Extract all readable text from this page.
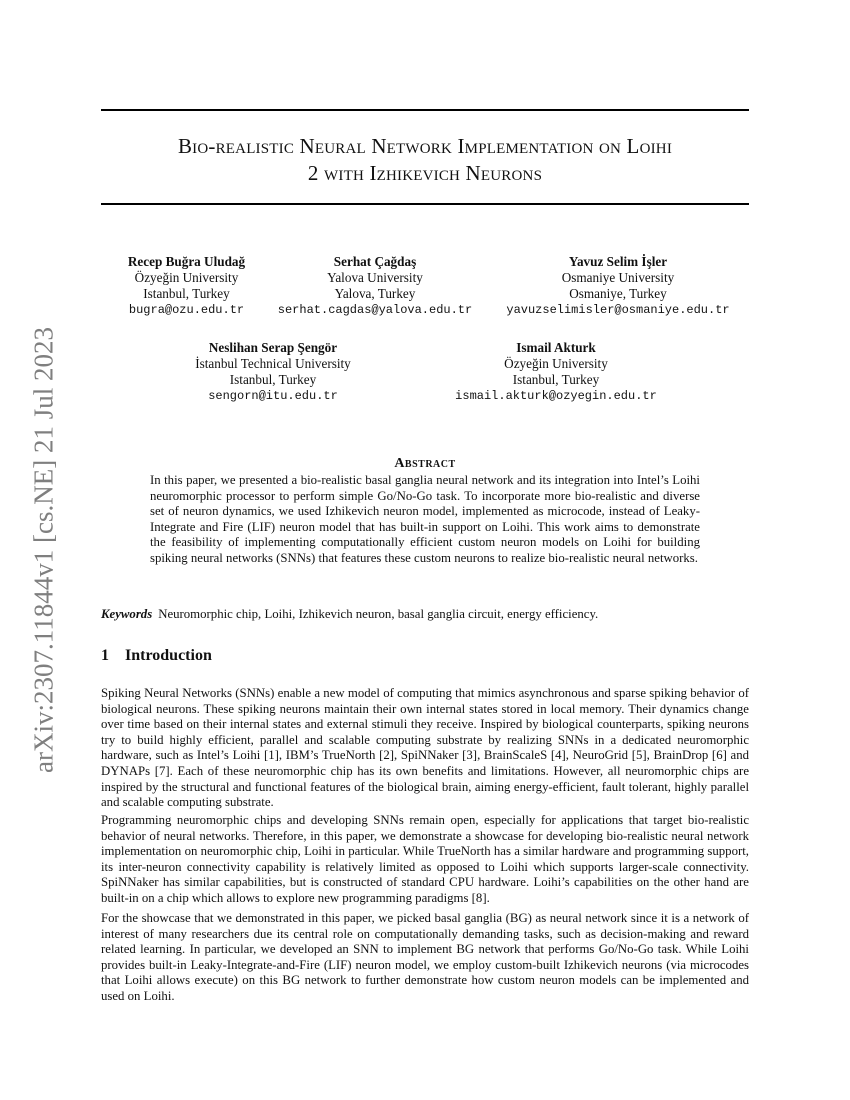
arXiv:2307.11844v1 [cs.NE] 21 Jul 2023
Bio-realistic Neural Network Implementation on Loihi
2 with Izhikevich Neurons
Recep Buğra Uludağ
Özyeğin University
Istanbul, Turkey
bugra@ozu.edu.tr
Serhat Çağdaş
Yalova University
Yalova, Turkey
serhat.cagdas@yalova.edu.tr
Yavuz Selim İşler
Osmaniye University
Osmaniye, Turkey
yavuzselimisler@osmaniye.edu.tr
Neslihan Serap Şengör
İstanbul Technical University
Istanbul, Turkey
sengorn@itu.edu.tr
Ismail Akturk
Özyeğin University
Istanbul, Turkey
ismail.akturk@ozyegin.edu.tr
Abstract
In this paper, we presented a bio-realistic basal ganglia neural network and its integration into Intel’s Loihi neuromorphic processor to perform simple Go/No-Go task. To incorporate more bio-realistic and diverse set of neuron dynamics, we used Izhikevich neuron model, implemented as microcode, instead of Leaky-Integrate and Fire (LIF) neuron model that has built-in support on Loihi. This work aims to demonstrate the feasibility of implementing computationally efficient custom neuron models on Loihi for building spiking neural networks (SNNs) that features these custom neurons to realize bio-realistic neural networks.
Keywords Neuromorphic chip, Loihi, Izhikevich neuron, basal ganglia circuit, energy efficiency.
1 Introduction
Spiking Neural Networks (SNNs) enable a new model of computing that mimics asynchronous and sparse spiking behavior of biological neurons. These spiking neurons maintain their own internal states stored in local memory. Their dynamics change over time based on their internal states and external stimuli they receive. Inspired by biological counterparts, spiking neurons try to build highly efficient, parallel and scalable computing substrate by realizing SNNs in a dedicated neuromorphic hardware, such as Intel’s Loihi [1], IBM’s TrueNorth [2], SpiNNaker [3], BrainScaleS [4], NeuroGrid [5], BrainDrop [6] and DYNAPs [7]. Each of these neuromorphic chip has its own benefits and limitations. However, all neuromorphic chips are inspired by the structural and functional features of the biological brain, aiming energy-efficient, fault tolerant, highly parallel and scalable computing substrate.
Programming neuromorphic chips and developing SNNs remain open, especially for applications that target bio-realistic behavior of neural networks. Therefore, in this paper, we demonstrate a showcase for developing bio-realistic neural network implementation on neuromorphic chip, Loihi in particular. While TrueNorth has a similar hardware and programming support, its inter-neuron connectivity capability is relatively limited as opposed to Loihi which supports larger-scale connectivity. SpiNNaker has similar capabilities, but is constructed of standard CPU hardware. Loihi’s capabilities on the other hand are built-in on a chip which allows to explore new programming paradigms [8].
For the showcase that we demonstrated in this paper, we picked basal ganglia (BG) as neural network since it is a network of interest of many researchers due its central role on computationally demanding tasks, such as decision-making and reward related learning. In particular, we developed an SNN to implement BG network that performs Go/No-Go task. While Loihi provides built-in Leaky-Integrate-and-Fire (LIF) neuron model, we employ custom-built Izhikevich neurons (via microcodes that Loihi allows execute) on this BG network to further demonstrate how custom neuron models can be implemented and used on Loihi.
